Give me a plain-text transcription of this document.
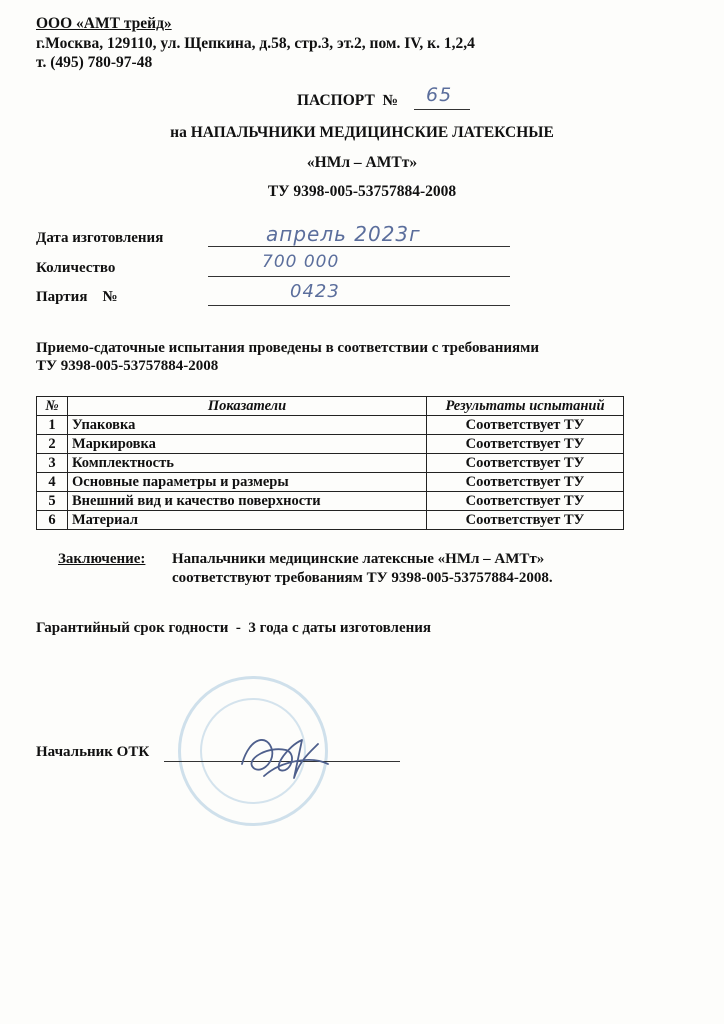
ООО «АМТ трейд»
г.Москва, 129110, ул. Щепкина, д.58, стр.3, эт.2, пом. IV, к. 1,2,4
т. (495) 780-97-48
ПАСПОРТ  № 65
на НАПАЛЬЧНИКИ МЕДИЦИНСКИЕ ЛАТЕКСНЫЕ
«НМл – АМТт»
ТУ 9398-005-53757884-2008
Дата изготовления	апрель 2023г
Количество	700 000
Партия    №	0423
Приемо-сдаточные испытания проведены в соответствии с требованиями
ТУ 9398-005-53757884-2008
№	Показатели	Результаты испытаний
1	Упаковка	Соответствует ТУ
2	Маркировка	Соответствует ТУ
3	Комплектность	Соответствует ТУ
4	Основные параметры и размеры	Соответствует ТУ
5	Внешний вид и качество поверхности	Соответствует ТУ
6	Материал	Соответствует ТУ
Заключение: Напальчники медицинские латексные «НМл – АМТт»
соответствуют требованиям ТУ 9398-005-53757884-2008.
Гарантийный срок годности  -  3 года с даты изготовления
Начальник ОТК
